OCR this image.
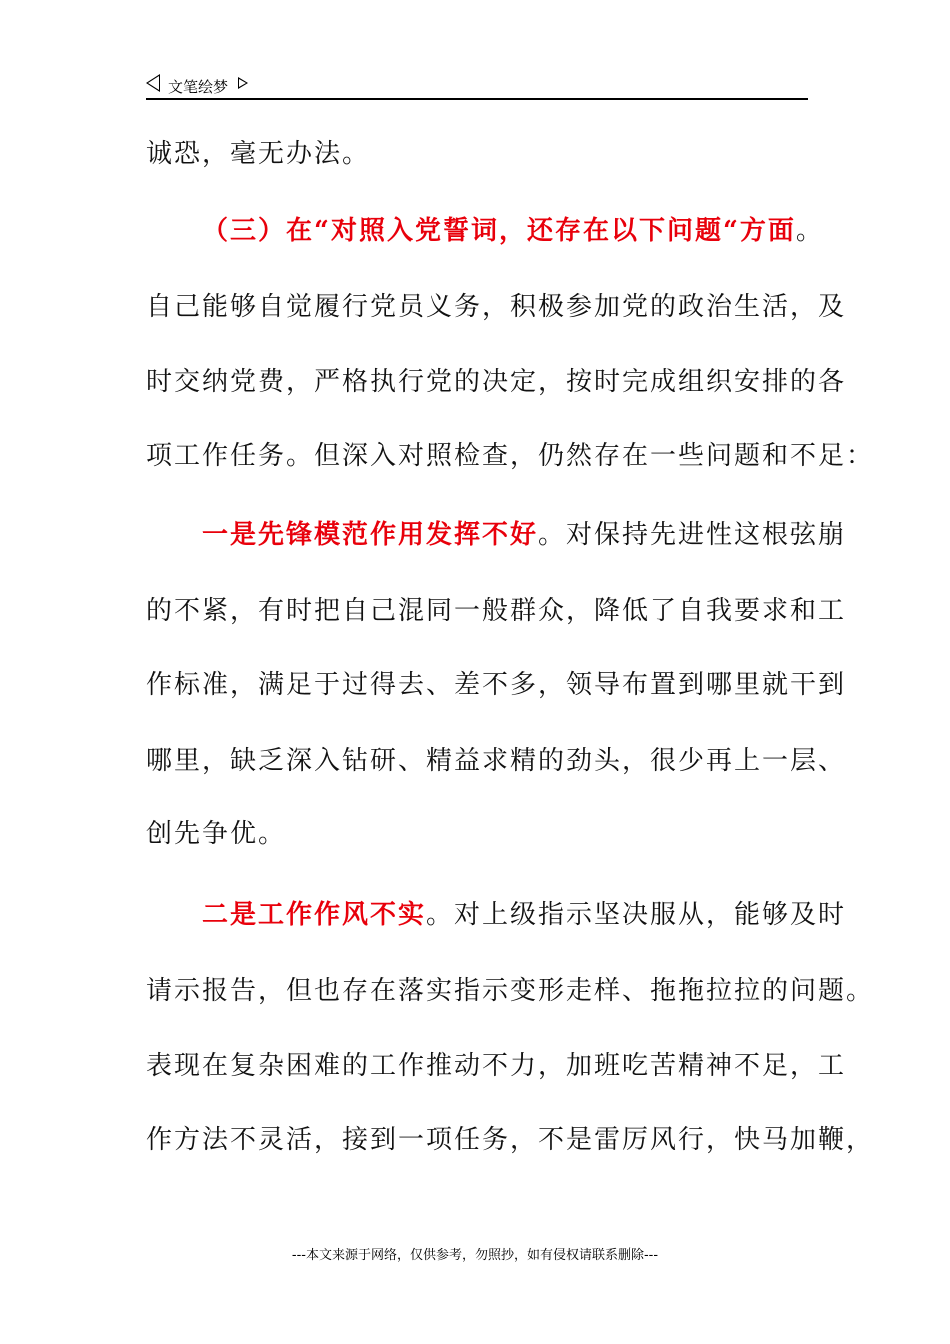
文笔绘梦
诚恐，毫无办法。
（三）在“对照入党誓词，还存在以下问题“方面。
自己能够自觉履行党员义务，积极参加党的政治生活，及
时交纳党费，严格执行党的决定，按时完成组织安排的各
项工作任务。但深入对照检查，仍然存在一些问题和不足：
一是先锋模范作用发挥不好。对保持先进性这根弦崩
的不紧，有时把自己混同一般群众，降低了自我要求和工
作标准，满足于过得去、差不多，领导布置到哪里就干到
哪里，缺乏深入钻研、精益求精的劲头，很少再上一层、
创先争优。
二是工作作风不实。对上级指示坚决服从，能够及时
请示报告，但也存在落实指示变形走样、拖拖拉拉的问题。
表现在复杂困难的工作推动不力，加班吃苦精神不足，工
作方法不灵活，接到一项任务，不是雷厉风行，快马加鞭，
---本文来源于网络，仅供参考，勿照抄，如有侵权请联系删除---
